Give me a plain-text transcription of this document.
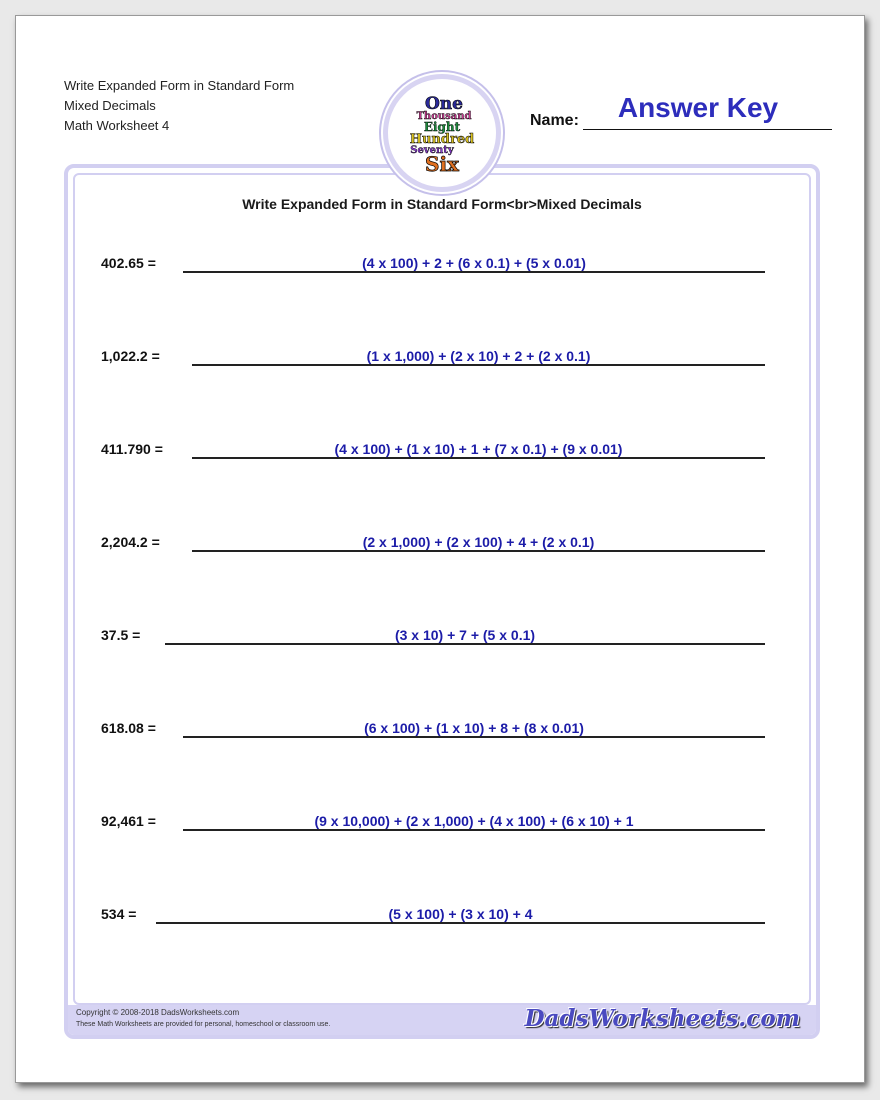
Write Expanded Form in Standard Form
Mixed Decimals
Math Worksheet 4
One
Thousand
Eight
Hundred
Seventy
Six
Name:	Answer Key
Write Expanded Form in Standard Form<br>Mixed Decimals
402.65 =	(4 x 100) + 2 + (6 x 0.1) + (5 x 0.01)
1,022.2 =	(1 x 1,000) + (2 x 10) + 2 + (2 x 0.1)
411.790 =	(4 x 100) + (1 x 10) + 1 + (7 x 0.1) + (9 x 0.01)
2,204.2 =	(2 x 1,000) + (2 x 100) + 4 + (2 x 0.1)
37.5 =	(3 x 10) + 7 + (5 x 0.1)
618.08 =	(6 x 100) + (1 x 10) + 8 + (8 x 0.01)
92,461 =	(9 x 10,000) + (2 x 1,000) + (4 x 100) + (6 x 10) + 1
534 =	(5 x 100) + (3 x 10) + 4
Copyright © 2008-2018 DadsWorksheets.com
These Math Worksheets are provided for personal, homeschool or classroom use.	DadsWorksheets.com
